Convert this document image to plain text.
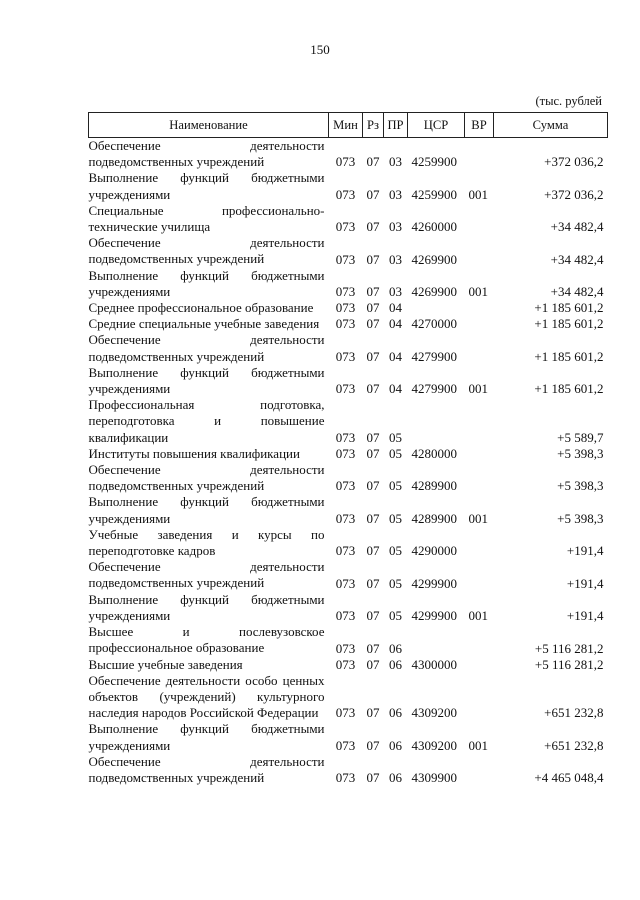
150
(тыс. рублей
Наименование	Мин	Рз	ПР	ЦСР	ВР	Сумма
Обеспечение деятельности подведомственных учреждений	073	07	03	4259900		+372 036,2
Выполнение функций бюджетными учреждениями	073	07	03	4259900	001	+372 036,2
Специальные профессионально-технические училища	073	07	03	4260000		+34 482,4
Обеспечение деятельности подведомственных учреждений	073	07	03	4269900		+34 482,4
Выполнение функций бюджетными учреждениями	073	07	03	4269900	001	+34 482,4
Среднее профессиональное образование	073	07	04			+1 185 601,2
Средние специальные учебные заведения	073	07	04	4270000		+1 185 601,2
Обеспечение деятельности подведомственных учреждений	073	07	04	4279900		+1 185 601,2
Выполнение функций бюджетными учреждениями	073	07	04	4279900	001	+1 185 601,2
Профессиональная подготовка, переподготовка и повышение квалификации	073	07	05			+5 589,7
Институты повышения квалификации	073	07	05	4280000		+5 398,3
Обеспечение деятельности подведомственных учреждений	073	07	05	4289900		+5 398,3
Выполнение функций бюджетными учреждениями	073	07	05	4289900	001	+5 398,3
Учебные заведения и курсы по переподготовке кадров	073	07	05	4290000		+191,4
Обеспечение деятельности подведомственных учреждений	073	07	05	4299900		+191,4
Выполнение функций бюджетными учреждениями	073	07	05	4299900	001	+191,4
Высшее и послевузовское профессиональное образование	073	07	06			+5 116 281,2
Высшие учебные заведения	073	07	06	4300000		+5 116 281,2
Обеспечение деятельности особо ценных объектов (учреждений) культурного наследия народов Российской Федерации	073	07	06	4309200		+651 232,8
Выполнение функций бюджетными учреждениями	073	07	06	4309200	001	+651 232,8
Обеспечение деятельности подведомственных учреждений	073	07	06	4309900		+4 465 048,4
